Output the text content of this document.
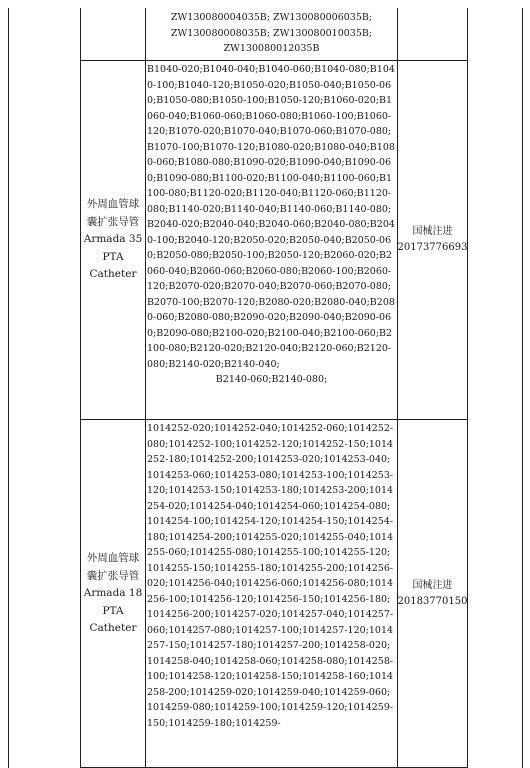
ZW130080004035B; ZW130080006035B;
ZW130080008035B; ZW130080010035B;
ZW130080012035B
外周血管球
囊扩张导管
Armada 35
PTA
Catheter
B1040-020;B1040-040;B1040-060;B1040-080;B1040-100;B1040-120;B1050-020;B1050-040;B1050-060;B1050-080;B1050-100;B1050-120;B1060-020;B1060-040;B1060-060;B1060-080;B1060-100;B1060-120;B1070-020;B1070-040;B1070-060;B1070-080;B1070-100;B1070-120;B1080-020;B1080-040;B1080-060;B1080-080;B1090-020;B1090-040;B1090-060;B1090-080;B1100-020;B1100-040;B1100-060;B1100-080;B1120-020;B1120-040;B1120-060;B1120-080;B1140-020;B1140-040;B1140-060;B1140-080;B2040-020;B2040-040;B2040-060;B2040-080;B2040-100;B2040-120;B2050-020;B2050-040;B2050-060;B2050-080;B2050-100;B2050-120;B2060-020;B2060-040;B2060-060;B2060-080;B2060-100;B2060-120;B2070-020;B2070-040;B2070-060;B2070-080;B2070-100;B2070-120;B2080-020;B2080-040;B2080-060;B2080-080;B2090-020;B2090-040;B2090-060;B2090-080;B2100-020;B2100-040;B2100-060;B2100-080;B2120-020;B2120-040;B2120-060;B2120-080;B2140-020;B2140-040;
B2140-060;B2140-080;
国械注进
20173776693
外周血管球
囊扩张导管
Armada 18
PTA
Catheter
1014252-020;1014252-040;1014252-060;1014252-080;1014252-100;1014252-120;1014252-150;1014252-180;1014252-200;1014253-020;1014253-040;1014253-060;1014253-080;1014253-100;1014253-120;1014253-150;1014253-180;1014253-200;1014254-020;1014254-040;1014254-060;1014254-080;1014254-100;1014254-120;1014254-150;1014254-180;1014254-200;1014255-020;1014255-040;1014255-060;1014255-080;1014255-100;1014255-120;1014255-150;1014255-180;1014255-200;1014256-020;1014256-040;1014256-060;1014256-080;1014256-100;1014256-120;1014256-150;1014256-180;1014256-200;1014257-020;1014257-040;1014257-060;1014257-080;1014257-100;1014257-120;1014257-150;1014257-180;1014257-200;1014258-020;1014258-040;1014258-060;1014258-080;1014258-100;1014258-120;1014258-150;1014258-160;1014258-200;1014259-020;1014259-040;1014259-060;1014259-080;1014259-100;1014259-120;1014259-150;1014259-180;1014259-
国械注进
20183770150
